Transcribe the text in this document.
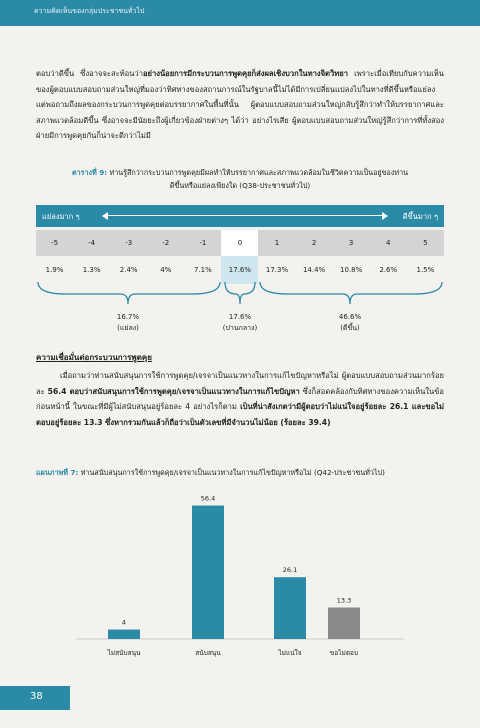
ความคิดเห็นของกลุ่มประชาชนทั่วไป
ตอบว่าดีขึ้น ซึ่งอาจจะสะท้อนว่าอย่างน้อยการมีกระบวนการพูดคุยก็ส่งผลเชิงบวกในทางจิตวิทยา เพราะเมื่อเทียบกับความเห็นของผู้ตอบแบบสอบถามส่วนใหญ่ที่มองว่าทิศทางของสถานการณ์ในรัฐบาลนี้ไม่ได้มีการเปลี่ยนแปลงไปในทางที่ดีขึ้นหรือแย่ลง แต่พอถามถึงผลของกระบวนการพูดคุยต่อบรรยากาศในพื้นที่นั้น ผู้ตอบแบบสอบถามส่วนใหญ่กลับรู้สึกว่าทำให้บรรยากาศและสภาพแวดล้อมดีขึ้น ซึ่งอาจจะมีนัยยะถึงผู้เกี่ยวข้องฝ่ายต่างๆ ได้ว่า อย่างไรเสีย ผู้ตอบแบบสอบถามส่วนใหญ่รู้สึกว่าการที่ทั้งสองฝ่ายมีการพูดคุยกันก็น่าจะดีกว่าไม่มี
ตารางที่ 9: ท่านรู้สึกว่ากระบวนการพูดคุยมีผลทำให้บรรยากาศและสภาพแวดล้อมในชีวิตความเป็นอยู่ของท่าน
ดีขึ้นหรือแย่ลงเพียงใด (Q38-ประชาชนทั่วไป)
แย่ลงมาก ๆ	ดีขึ้นมาก ๆ
-5	-4	-3	-2	-1	0	1	2	3	4	5
1.9%	1.3%	2.4%	4%	7.1%	17.6%	17.3%	14.4%	10.8%	2.6%	1.5%
16.7%
(แย่ลง)
17.6%
(ปานกลาง)
46.6%
(ดีขึ้น)
ความเชื่อมั่นต่อกระบวนการพูดคุย
เมื่อถามว่าท่านสนับสนุนการใช้การพูดคุย/เจรจาเป็นแนวทางในการแก้ไขปัญหาหรือไม่ ผู้ตอบแบบสอบถามส่วนมากร้อยละ 56.4 ตอบว่าสนับสนุนการใช้การพูดคุย/เจรจาเป็นแนวทางในการแก้ไขปัญหา ซึ่งก็สอดคล้องกับทิศทางของความเห็นในข้อก่อนหน้านี้ ในขณะที่มีผู้ไม่สนับสนุนอยู่ร้อยละ 4 อย่างไรก็ตาม เป็นที่น่าสังเกตว่ามีผู้ตอบว่าไม่แน่ใจอยู่ร้อยละ 26.1 และขอไม่ตอบอยู่ร้อยละ 13.3 ซึ่งหากรวมกันแล้วก็ถือว่าเป็นตัวเลขที่มีจำนวนไม่น้อย (ร้อยละ 39.4)
แผนภาพที่ 7: ท่านสนับสนุนการใช้การพูดคุย/เจรจาเป็นแนวทางในการแก้ไขปัญหาหรือไม่ (Q42-ประชาชนทั่วไป)
4
ไม่สนับสนุน
56.4
สนับสนุน
26.1
ไม่แน่ใจ
13.3
ขอไม่ตอบ
38
